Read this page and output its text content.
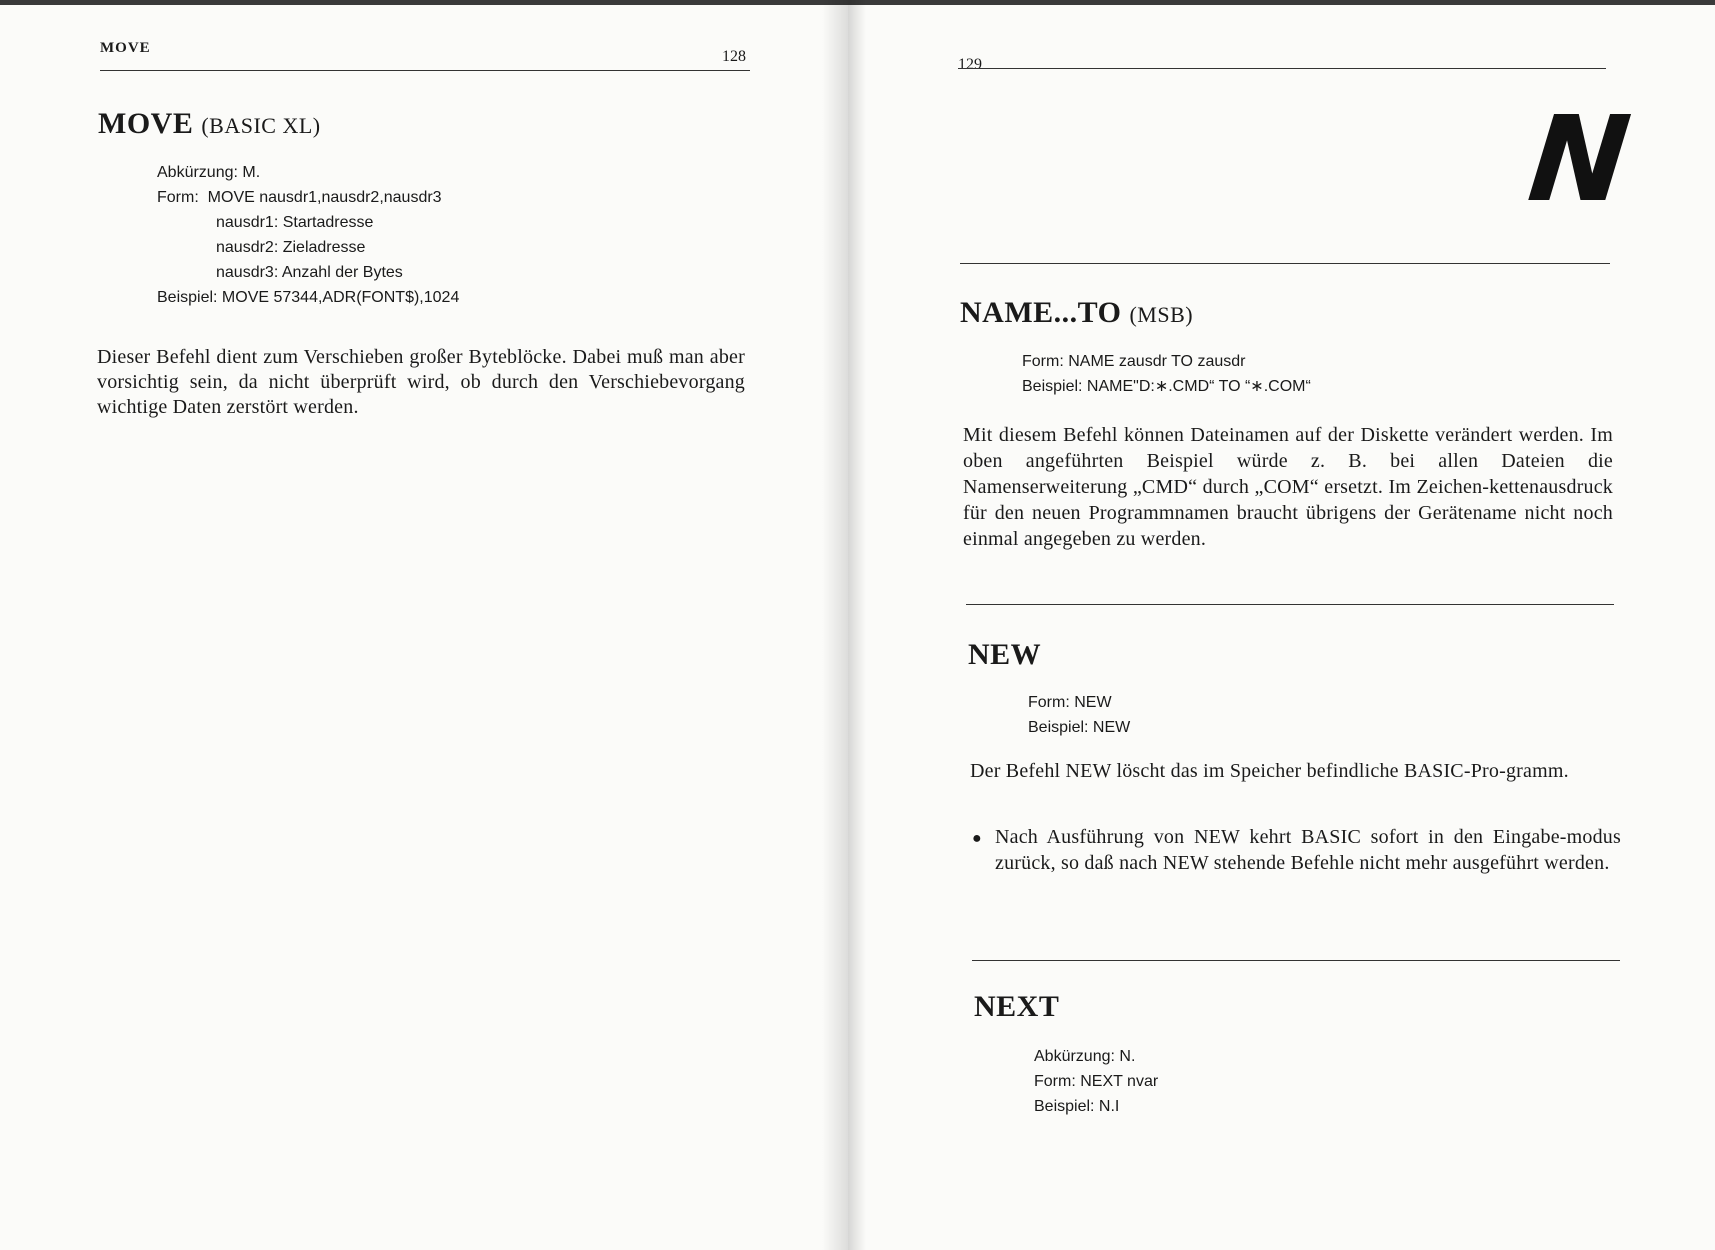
MOVE	128
MOVE (BASIC XL)
Abkürzung: M.
Form:  MOVE nausdr1,nausdr2,nausdr3
nausdr1: Startadresse
nausdr2: Zieladresse
nausdr3: Anzahl der Bytes
Beispiel: MOVE 57344,ADR(FONT$),1024
Dieser Befehl dient zum Verschieben großer Byteblöcke. Dabei muß man aber vorsichtig sein, da nicht überprüft wird, ob durch den Verschiebevorgang wichtige Daten zerstört werden.
129
N
NAME...TO (MSB)
Form: NAME zausdr TO zausdr
Beispiel: NAME"D:∗.CMD“ TO “∗.COM“
Mit diesem Befehl können Dateinamen auf der Diskette verändert werden. Im oben angeführten Beispiel würde z. B. bei allen Dateien die Namenserweiterung „CMD“ durch „COM“ ersetzt. Im Zeichen-kettenausdruck für den neuen Programmnamen braucht übrigens der Gerätename nicht noch einmal angegeben zu werden.
NEW
Form: NEW
Beispiel: NEW
Der Befehl NEW löscht das im Speicher befindliche BASIC-Pro-gramm.
● Nach Ausführung von NEW kehrt BASIC sofort in den Eingabe-modus zurück, so daß nach NEW stehende Befehle nicht mehr ausgeführt werden.
NEXT
Abkürzung: N.
Form: NEXT nvar
Beispiel: N.I
